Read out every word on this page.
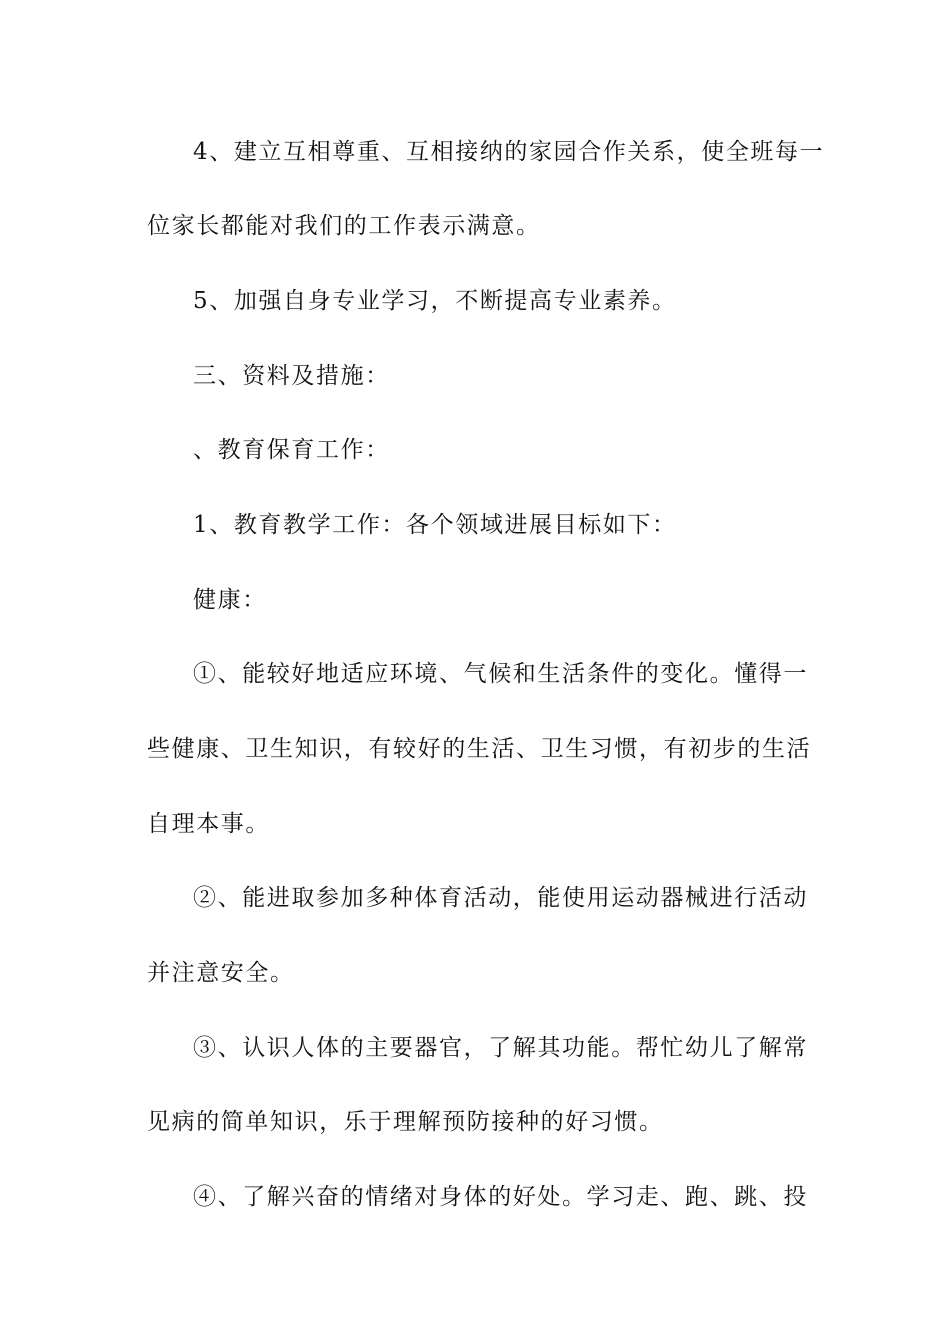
4、建立互相尊重、互相接纳的家园合作关系，使全班每一
位家长都能对我们的工作表示满意。
5、加强自身专业学习，不断提高专业素养。
三、资料及措施：
、教育保育工作：
1、教育教学工作：各个领域进展目标如下：
健康：
①、能较好地适应环境、气候和生活条件的变化。懂得一
些健康、卫生知识，有较好的生活、卫生习惯，有初步的生活
自理本事。
②、能进取参加多种体育活动，能使用运动器械进行活动
并注意安全。
③、认识人体的主要器官，了解其功能。帮忙幼儿了解常
见病的简单知识，乐于理解预防接种的好习惯。
④、了解兴奋的情绪对身体的好处。学习走、跑、跳、投
